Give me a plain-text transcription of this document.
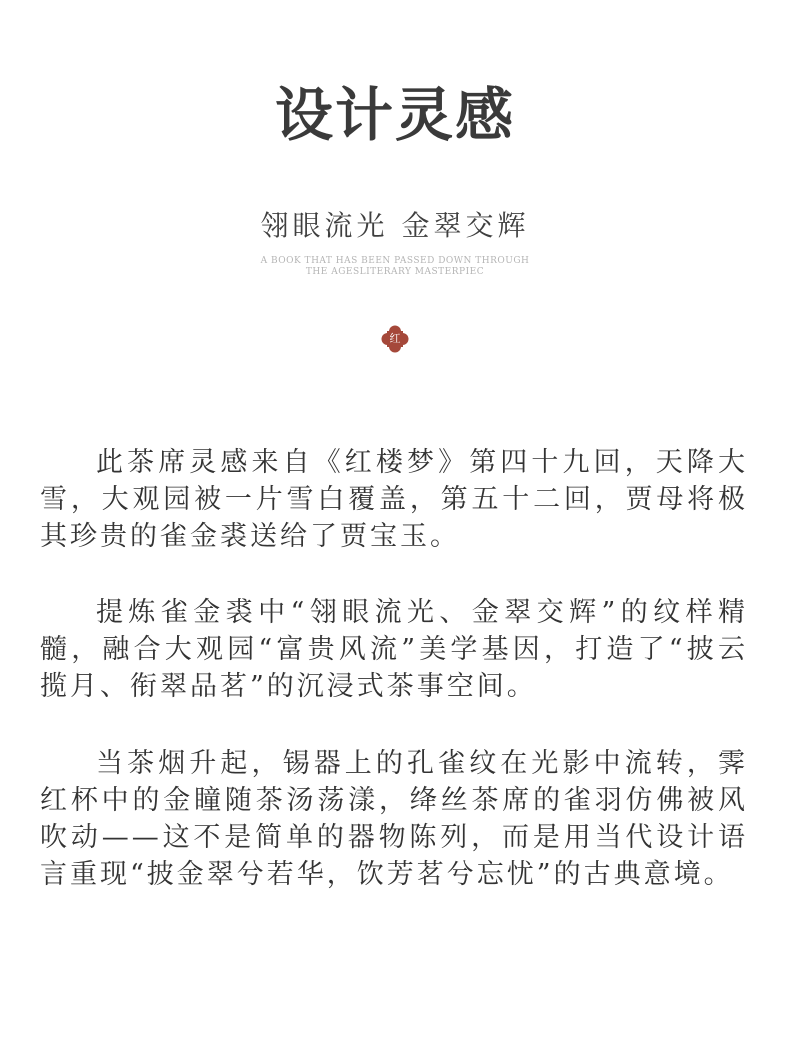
设计灵感
翎眼流光 金翠交辉
A BOOK THAT HAS BEEN PASSED DOWN THROUGH
THE AGESLITERARY MASTERPIEC
红
此茶席灵感来自《红楼梦》第四十九回，天降大雪，大观园被一片雪白覆盖，第五十二回，贾母将极其珍贵的雀金裘送给了贾宝玉。
提炼雀金裘中“翎眼流光、金翠交辉”的纹样精髓，融合大观园“富贵风流”美学基因，打造了“披云揽月、衔翠品茗”的沉浸式茶事空间。
当茶烟升起，锡器上的孔雀纹在光影中流转，霁红杯中的金瞳随茶汤荡漾，绛丝茶席的雀羽仿佛被风吹动——这不是简单的器物陈列，而是用当代设计语言重现“披金翠兮若华，饮芳茗兮忘忧”的古典意境。
